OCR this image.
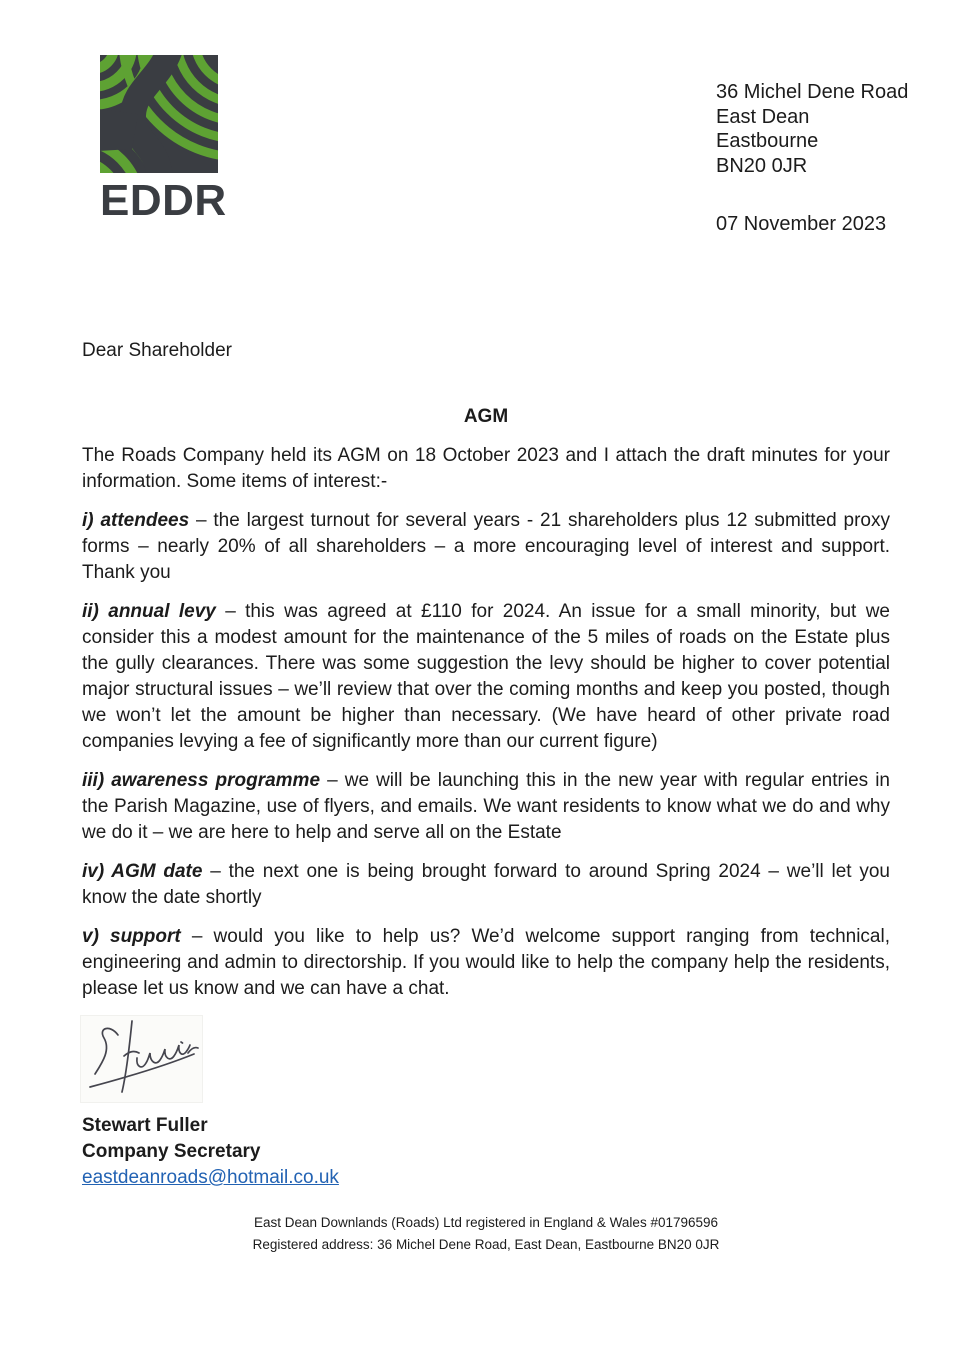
EDDR
36 Michel Dene Road
East Dean
Eastbourne
BN20 0JR
07 November 2023

Dear Shareholder

AGM

The Roads Company held its AGM on 18 October 2023 and I attach the draft minutes for your information. Some items of interest:-

i) attendees – the largest turnout for several years - 21 shareholders plus 12 submitted proxy forms – nearly 20% of all shareholders – a more encouraging level of interest and support. Thank you

ii) annual levy – this was agreed at £110 for 2024. An issue for a small minority, but we consider this a modest amount for the maintenance of the 5 miles of roads on the Estate plus the gully clearances. There was some suggestion the levy should be higher to cover potential major structural issues – we’ll review that over the coming months and keep you posted, though we won’t let the amount be higher than necessary. (We have heard of other private road companies levying a fee of significantly more than our current figure)

iii) awareness programme – we will be launching this in the new year with regular entries in the Parish Magazine, use of flyers, and emails. We want residents to know what we do and why we do it – we are here to help and serve all on the Estate

iv) AGM date – the next one is being brought forward to around Spring 2024 – we’ll let you know the date shortly

v) support – would you like to help us? We’d welcome support ranging from technical, engineering and admin to directorship. If you would like to help the company help the residents, please let us know and we can have a chat.

Stewart Fuller
Company Secretary
eastdeanroads@hotmail.co.uk
East Dean Downlands (Roads) Ltd registered in England & Wales #01796596
Registered address: 36 Michel Dene Road, East Dean, Eastbourne BN20 0JR
